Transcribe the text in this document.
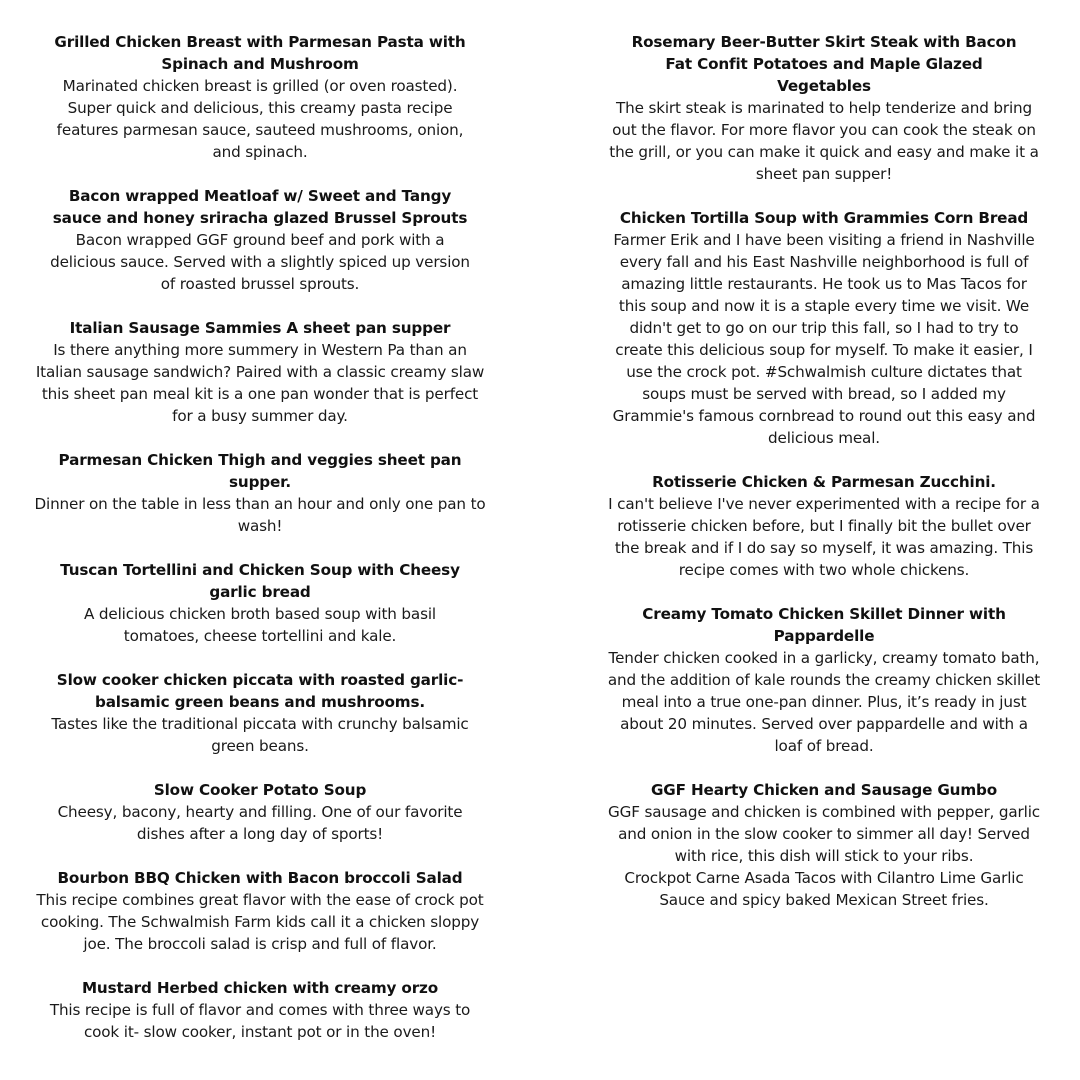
Grilled Chicken Breast with Parmesan Pasta with Spinach and Mushroom
Marinated chicken breast is grilled (or oven roasted). Super quick and delicious, this creamy pasta recipe features parmesan sauce, sauteed mushrooms, onion, and spinach.
Bacon wrapped Meatloaf w/ Sweet and Tangy sauce and honey sriracha glazed Brussel Sprouts
Bacon wrapped GGF ground beef and pork with a delicious sauce. Served with a slightly spiced up version of roasted brussel sprouts.
Italian Sausage Sammies A sheet pan supper
Is there anything more summery in Western Pa than an Italian sausage sandwich? Paired with a classic creamy slaw this sheet pan meal kit is a one pan wonder that is perfect for a busy summer day.
Parmesan Chicken Thigh and veggies sheet pan supper.
Dinner on the table in less than an hour and only one pan to wash!
Tuscan Tortellini and Chicken Soup with Cheesy garlic bread
A delicious chicken broth based soup with basil tomatoes, cheese tortellini and kale.
Slow cooker chicken piccata with roasted garlic-balsamic green beans and mushrooms.
Tastes like the traditional piccata with crunchy balsamic green beans.
Slow Cooker Potato Soup
Cheesy, bacony, hearty and filling. One of our favorite dishes after a long day of sports!
Bourbon BBQ Chicken with Bacon broccoli Salad
This recipe combines great flavor with the ease of crock pot cooking. The Schwalmish Farm kids call it a chicken sloppy joe. The broccoli salad is crisp and full of flavor.
Mustard Herbed chicken with creamy orzo
This recipe is full of flavor and comes with three ways to cook it- slow cooker, instant pot or in the oven!
Rosemary Beer-Butter Skirt Steak with Bacon Fat Confit Potatoes and Maple Glazed Vegetables
The skirt steak is marinated to help tenderize and bring out the flavor. For more flavor you can cook the steak on the grill, or you can make it quick and easy and make it a sheet pan supper!
Chicken Tortilla Soup with Grammies Corn Bread
Farmer Erik and I have been visiting a friend in Nashville every fall and his East Nashville neighborhood is full of amazing little restaurants. He took us to Mas Tacos for this soup and now it is a staple every time we visit. We didn't get to go on our trip this fall, so I had to try to create this delicious soup for myself. To make it easier, I use the crock pot. #Schwalmish culture dictates that soups must be served with bread, so I added my Grammie's famous cornbread to round out this easy and delicious meal.
Rotisserie Chicken & Parmesan Zucchini.
I can't believe I've never experimented with a recipe for a rotisserie chicken before, but I finally bit the bullet over the break and if I do say so myself, it was amazing. This recipe comes with two whole chickens.
Creamy Tomato Chicken Skillet Dinner with Pappardelle
Tender chicken cooked in a garlicky, creamy tomato bath, and the addition of kale rounds the creamy chicken skillet meal into a true one-pan dinner. Plus, it’s ready in just about 20 minutes. Served over pappardelle and with a loaf of bread.
GGF Hearty Chicken and Sausage Gumbo
GGF sausage and chicken is combined with pepper, garlic and onion in the slow cooker to simmer all day! Served with rice, this dish will stick to your ribs.
Crockpot Carne Asada Tacos with Cilantro Lime Garlic Sauce and spicy baked Mexican Street fries.
